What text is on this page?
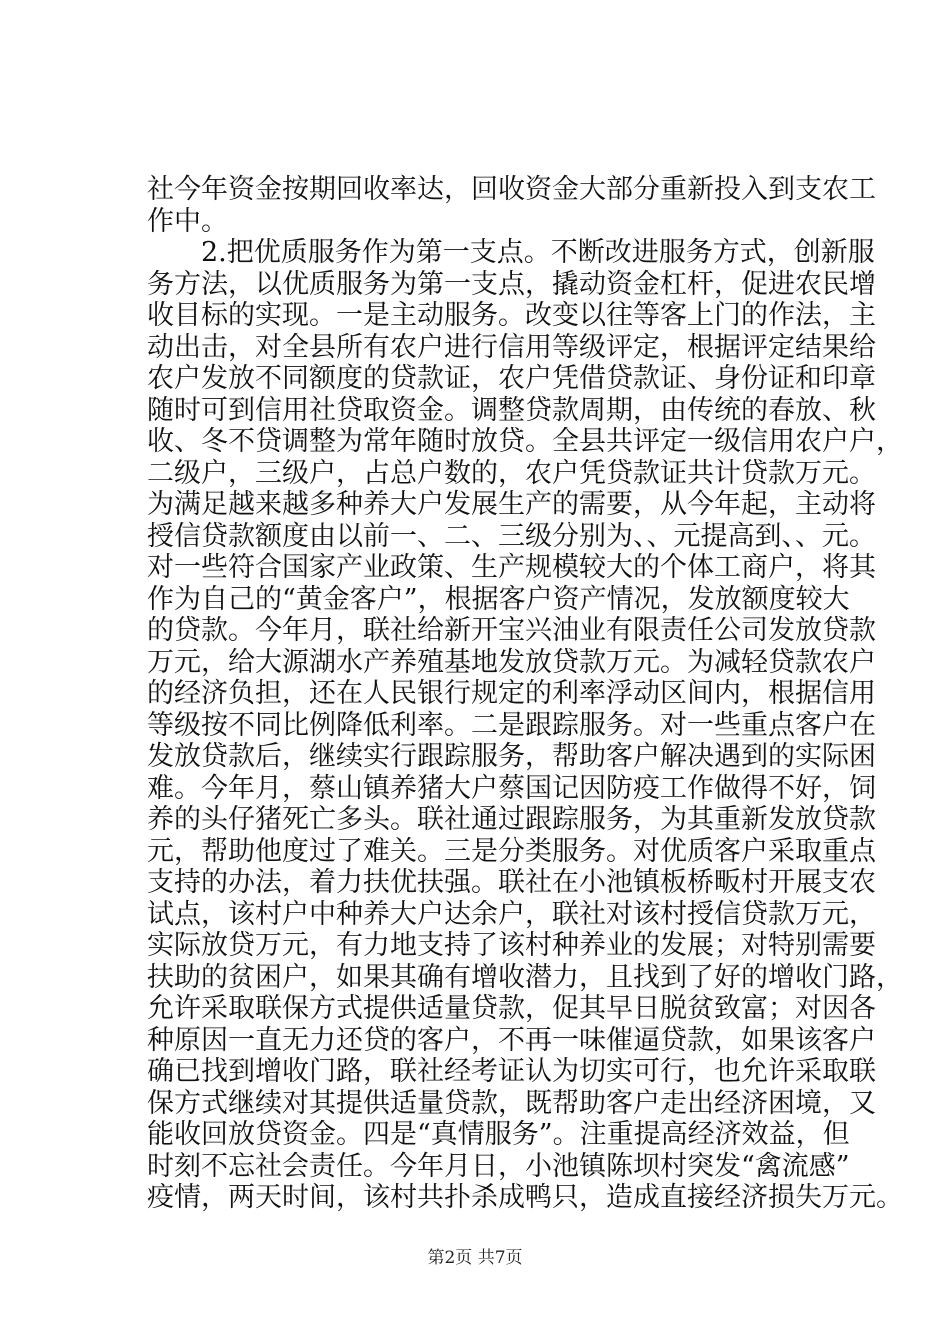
社今年资金按期回收率达，回收资金大部分重新投入到支农工
作中。
　　2.把优质服务作为第一支点。不断改进服务方式，创新服
务方法，以优质服务为第一支点，撬动资金杠杆，促进农民增
收目标的实现。一是主动服务。改变以往等客上门的作法，主
动出击，对全县所有农户进行信用等级评定，根据评定结果给
农户发放不同额度的贷款证，农户凭借贷款证、身份证和印章
随时可到信用社贷取资金。调整贷款周期，由传统的春放、秋
收、冬不贷调整为常年随时放贷。全县共评定一级信用农户户，
二级户，三级户，占总户数的，农户凭贷款证共计贷款万元。
为满足越来越多种养大户发展生产的需要，从今年起，主动将
授信贷款额度由以前一、二、三级分别为、、元提高到、、元。
对一些符合国家产业政策、生产规模较大的个体工商户，将其
作为自己的“黄金客户”，根据客户资产情况，发放额度较大
的贷款。今年月，联社给新开宝兴油业有限责任公司发放贷款
万元，给大源湖水产养殖基地发放贷款万元。为减轻贷款农户
的经济负担，还在人民银行规定的利率浮动区间内，根据信用
等级按不同比例降低利率。二是跟踪服务。对一些重点客户在
发放贷款后，继续实行跟踪服务，帮助客户解决遇到的实际困
难。今年月，蔡山镇养猪大户蔡国记因防疫工作做得不好，饲
养的头仔猪死亡多头。联社通过跟踪服务，为其重新发放贷款
元，帮助他度过了难关。三是分类服务。对优质客户采取重点
支持的办法，着力扶优扶强。联社在小池镇板桥畈村开展支农
试点，该村户中种养大户达余户，联社对该村授信贷款万元，
实际放贷万元，有力地支持了该村种养业的发展；对特别需要
扶助的贫困户，如果其确有增收潜力，且找到了好的增收门路，
允许采取联保方式提供适量贷款，促其早日脱贫致富；对因各
种原因一直无力还贷的客户，不再一味催逼贷款，如果该客户
确已找到增收门路，联社经考证认为切实可行，也允许采取联
保方式继续对其提供适量贷款，既帮助客户走出经济困境，又
能收回放贷资金。四是“真情服务”。注重提高经济效益，但
时刻不忘社会责任。今年月日，小池镇陈坝村突发“禽流感”
疫情，两天时间，该村共扑杀成鸭只，造成直接经济损失万元。
第2页 共7页
